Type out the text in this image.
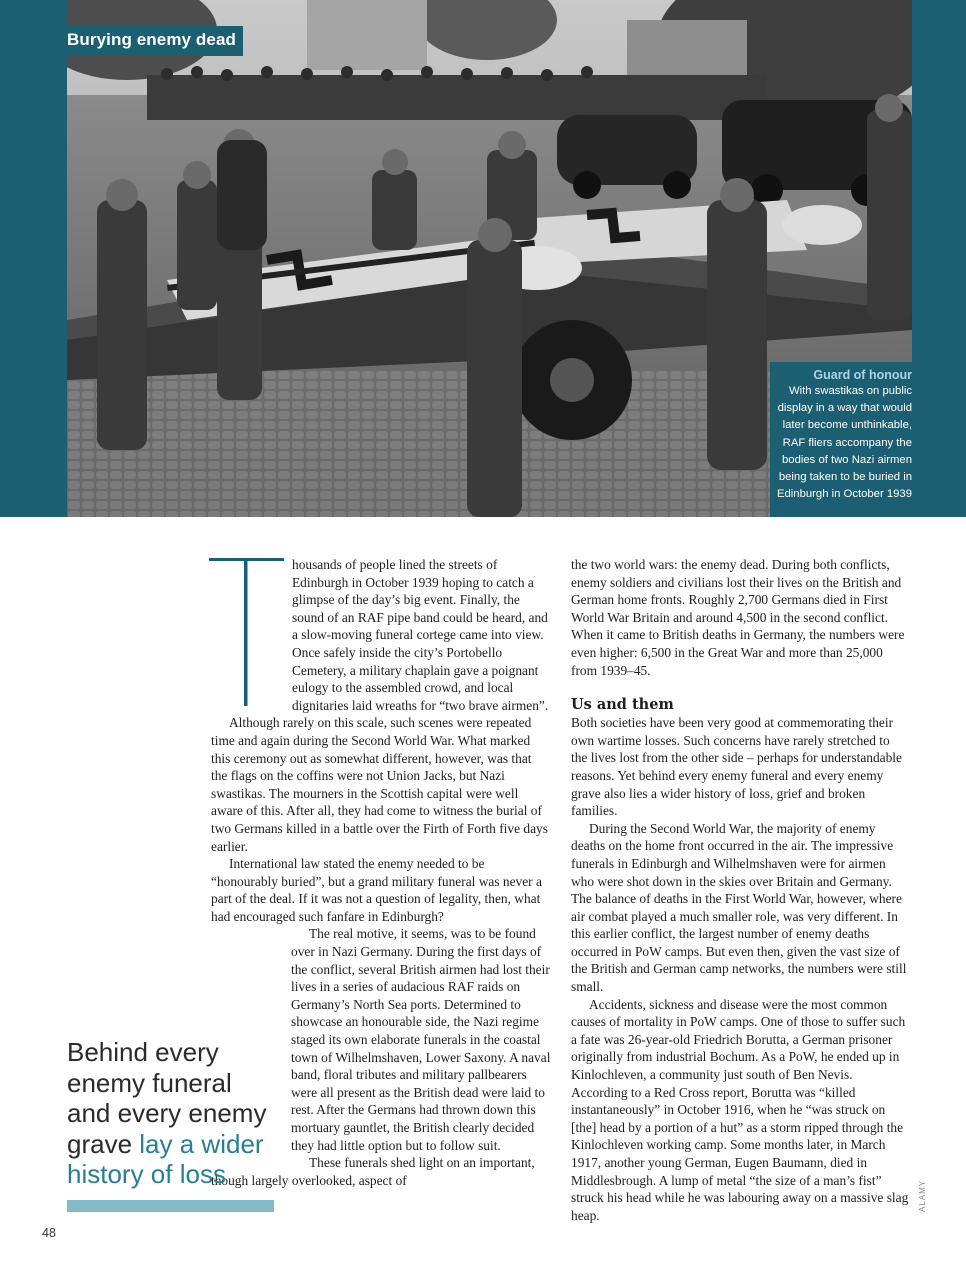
Burying enemy dead
Guard of honour
With swastikas on public display in a way that would later become unthinkable, RAF fliers accompany the bodies of two Nazi airmen being taken to be buried in Edinburgh in October 1939

housands of people lined the streets of Edinburgh in October 1939 hoping to catch a glimpse of the day’s big event. Finally, the sound of an RAF pipe band could be heard, and a slow-moving funeral cortege came into view. Once safely inside the city’s Portobello Cemetery, a military chaplain gave a poignant eulogy to the assembled crowd, and local dignitaries laid wreaths for “two brave airmen”.

Although rarely on this scale, such scenes were repeated time and again during the Second World War. What marked this ceremony out as somewhat different, however, was that the flags on the coffins were not Union Jacks, but Nazi swastikas. The mourners in the Scottish capital were well aware of this. After all, they had come to witness the burial of two Germans killed in a battle over the Firth of Forth five days earlier.

International law stated the enemy needed to be “honourably buried”, but a grand military funeral was never a part of the deal. If it was not a question of legality, then, what had encouraged such fanfare in Edinburgh?

The real motive, it seems, was to be found over in Nazi Germany. During the first days of the conflict, several British airmen had lost their lives in a series of audacious RAF raids on Germany’s North Sea ports. Determined to showcase an honourable side, the Nazi regime staged its own elaborate funerals in the coastal town of Wilhelmshaven, Lower Saxony. A naval band, floral tributes and military pallbearers were all present as the British dead were laid to rest. After the Germans had thrown down this mortuary gauntlet, the British clearly decided they had little option but to follow suit.

These funerals shed light on an important, though largely overlooked, aspect of

the two world wars: the enemy dead. During both conflicts, enemy soldiers and civilians lost their lives on the British and German home fronts. Roughly 2,700 Germans died in First World War Britain and around 4,500 in the second conflict. When it came to British deaths in Germany, the numbers were even higher: 6,500 in the Great War and more than 25,000 from 1939–45.

Us and them

Both societies have been very good at commemorating their own wartime losses. Such concerns have rarely stretched to the lives lost from the other side – perhaps for understandable reasons. Yet behind every enemy funeral and every enemy grave also lies a wider history of loss, grief and broken families.

During the Second World War, the majority of enemy deaths on the home front occurred in the air. The impressive funerals in Edinburgh and Wilhelmshaven were for airmen who were shot down in the skies over Britain and Germany. The balance of deaths in the First World War, however, where air combat played a much smaller role, was very different. In this earlier conflict, the largest number of enemy deaths occurred in PoW camps. But even then, given the vast size of the British and German camp networks, the numbers were still small.

Accidents, sickness and disease were the most common causes of mortality in PoW camps. One of those to suffer such a fate was 26-year-old Friedrich Borutta, a German prisoner originally from industrial Bochum. As a PoW, he ended up in Kinlochleven, a community just south of Ben Nevis. According to a Red Cross report, Borutta was “killed instantaneously” in October 1916, when he “was struck on [the] head by a portion of a hut” as a storm ripped through the Kinlochleven working camp. Some months later, in March 1917, another young German, Eugen Baumann, died in Middlesbrough. A lump of metal “the size of a man’s fist” struck his head while he was labouring away on a massive slag heap.

Behind every enemy funeral and every enemy grave lay a wider history of loss
48
ALAMY
